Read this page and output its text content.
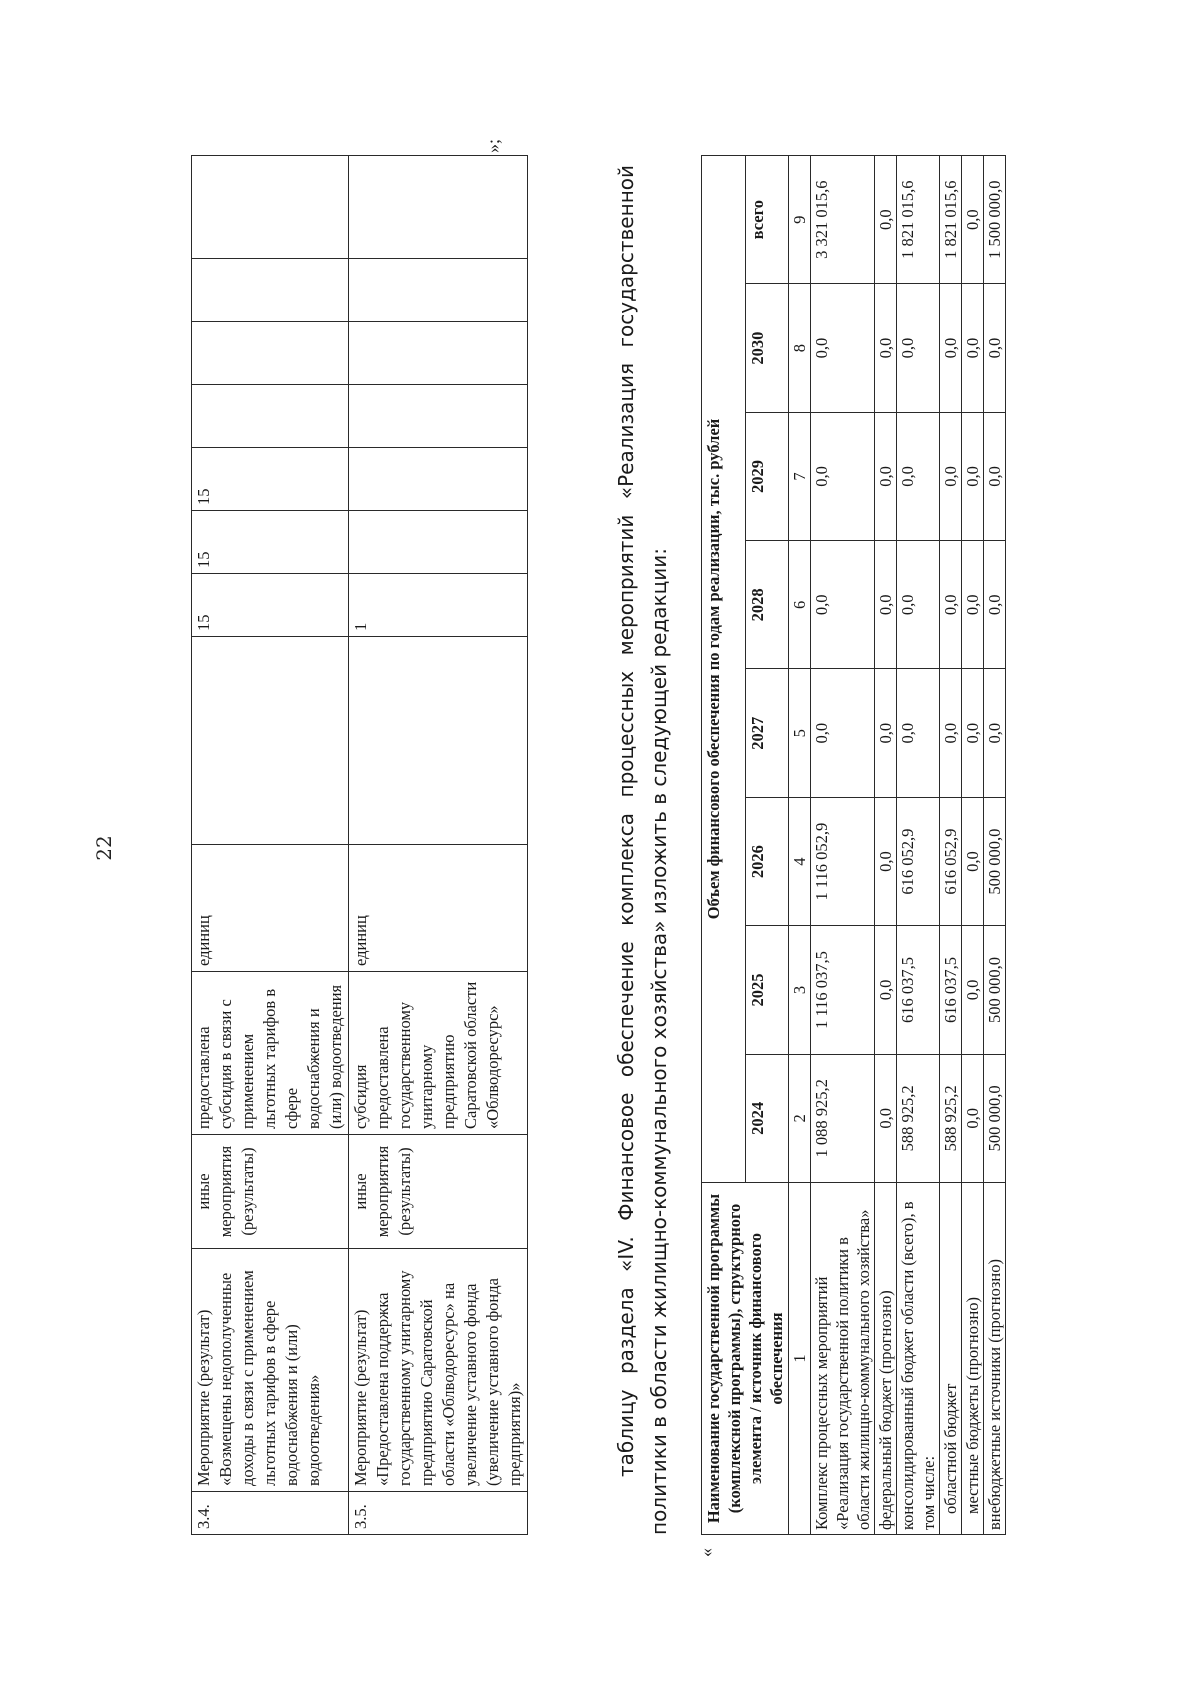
22
3.4.	Мероприятие (результат) «Возмещены недополученные доходы в связи с применением льготных тарифов в сфере водоснабжения и (или) водоотведения»	иные мероприятия (результаты)	предоставлена субсидия в связи с применением льготных тарифов в сфере водоснабжения и (или) водоотведения	единиц		15	15	15				
3.5.	Мероприятие (результат) «Предоставлена поддержка государственному унитарному предприятию Саратовской области «Облводоресурс» на увеличение уставного фонда (увеличение уставного фонда предприятия)»	иные мероприятия (результаты)	субсидия предоставлена государственному унитарному предприятию Саратовской области «Облводоресурс»	единиц		1						
»;

таблицу раздела «IV. Финансовое обеспечение комплекса процессных мероприятий «Реализация государственной политики в области жилищно-коммунального хозяйства» изложить в следующей редакции:

«
Наименование государственной программы (комплексной программы), структурного элемента / источник финансового обеспечения	Объем финансового обеспечения по годам реализации, тыс. рублей							
	2024	2025	2026	2027	2028	2029	2030	всего
1	2	3	4	5	6	7	8	9
Комплекс процессных мероприятий «Реализация государственной политики в области жилищно-коммунального хозяйства»	1 088 925,2	1 116 037,5	1 116 052,9	0,0	0,0	0,0	0,0	3 321 015,6
федеральный бюджет (прогнозно)	0,0	0,0	0,0	0,0	0,0	0,0	0,0	0,0
консолидированный бюджет области (всего), в том числе:	588 925,2	616 037,5	616 052,9	0,0	0,0	0,0	0,0	1 821 015,6
областной бюджет	588 925,2	616 037,5	616 052,9	0,0	0,0	0,0	0,0	1 821 015,6
местные бюджеты (прогнозно)	0,0	0,0	0,0	0,0	0,0	0,0	0,0	0,0
внебюджетные источники (прогнозно)	500 000,0	500 000,0	500 000,0	0,0	0,0	0,0	0,0	1 500 000,0
